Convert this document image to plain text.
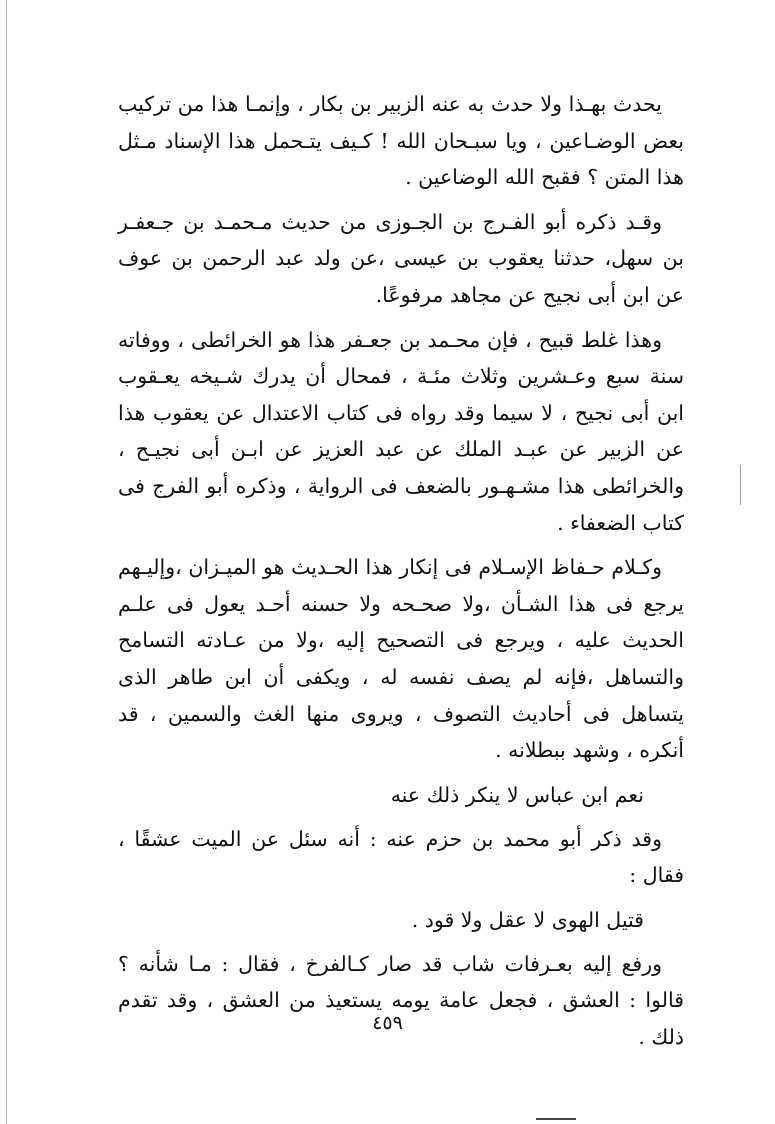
يحدث بهـذا ولا حدث به عنه الزبير بن بكار ، وإنمـا هذا من تركيب بعض الوضـاعين ، ويا سبـحان الله ! كـيف يتـحمل هذا الإسناد مـثل هذا المتن ؟ فقبح الله الوضاعين .

وقـد ذكره أبو الفـرج بن الجـوزى من حديث مـحمـد بن جـعفـر بن سهل، حدثنا يعقوب بن عيسى ،عن ولد عبد الرحمن بن عوف عن ابن أبى نجيح عن مجاهد مرفوعًا.

وهذا غلط قبيح ، فإن محـمد بن جعـفر هذا هو الخرائطى ، ووفاته سنة سبع وعـشرين وثلاث مئـة ، فمحال أن يدرك شـيخه يعـقوب ابن أبى نجيح ، لا سيما وقد رواه فى كتاب الاعتدال عن يعقوب هذا عن الزبير عن عبـد الملك عن عبد العزيز عن ابـن أبى نجيـح ، والخرائطى هذا مشـهـور بالضعف فى الرواية ، وذكره أبو الفرج فى كتاب الضعفاء .

وكـلام حـفاظ الإسـلام فى إنكار هذا الحـديث هو الميـزان ،وإليـهم يرجع فى هذا الشـأن ،ولا صحـحه ولا حسنه أحـد يعول فى علـم الحديث عليه ، ويرجع فى التصحيح إليه ،ولا من عـادته التسامح والتساهل ،فإنه لم يصف نفسه له ، ويكفى أن ابن طاهر الذى يتساهل فى أحاديث التصوف ، ويروى منها الغث والسمين ، قد أنكره ، وشهد ببطلانه .

نعم ابن عباس لا ينكر ذلك عنه

وقد ذكر أبو محمد بن حزم عنه : أنه سئل عن الميت عشقًا ، فقال :

قتيل الهوى لا عقل ولا قود .

ورفع إليه بعـرفات شاب قد صار كـالفرخ ، فقال : مـا شأنه ؟ قالوا : العشق ، فجعل عامة يومه يستعيذ من العشق ، وقد تقدم ذلك .

٤٥٩
